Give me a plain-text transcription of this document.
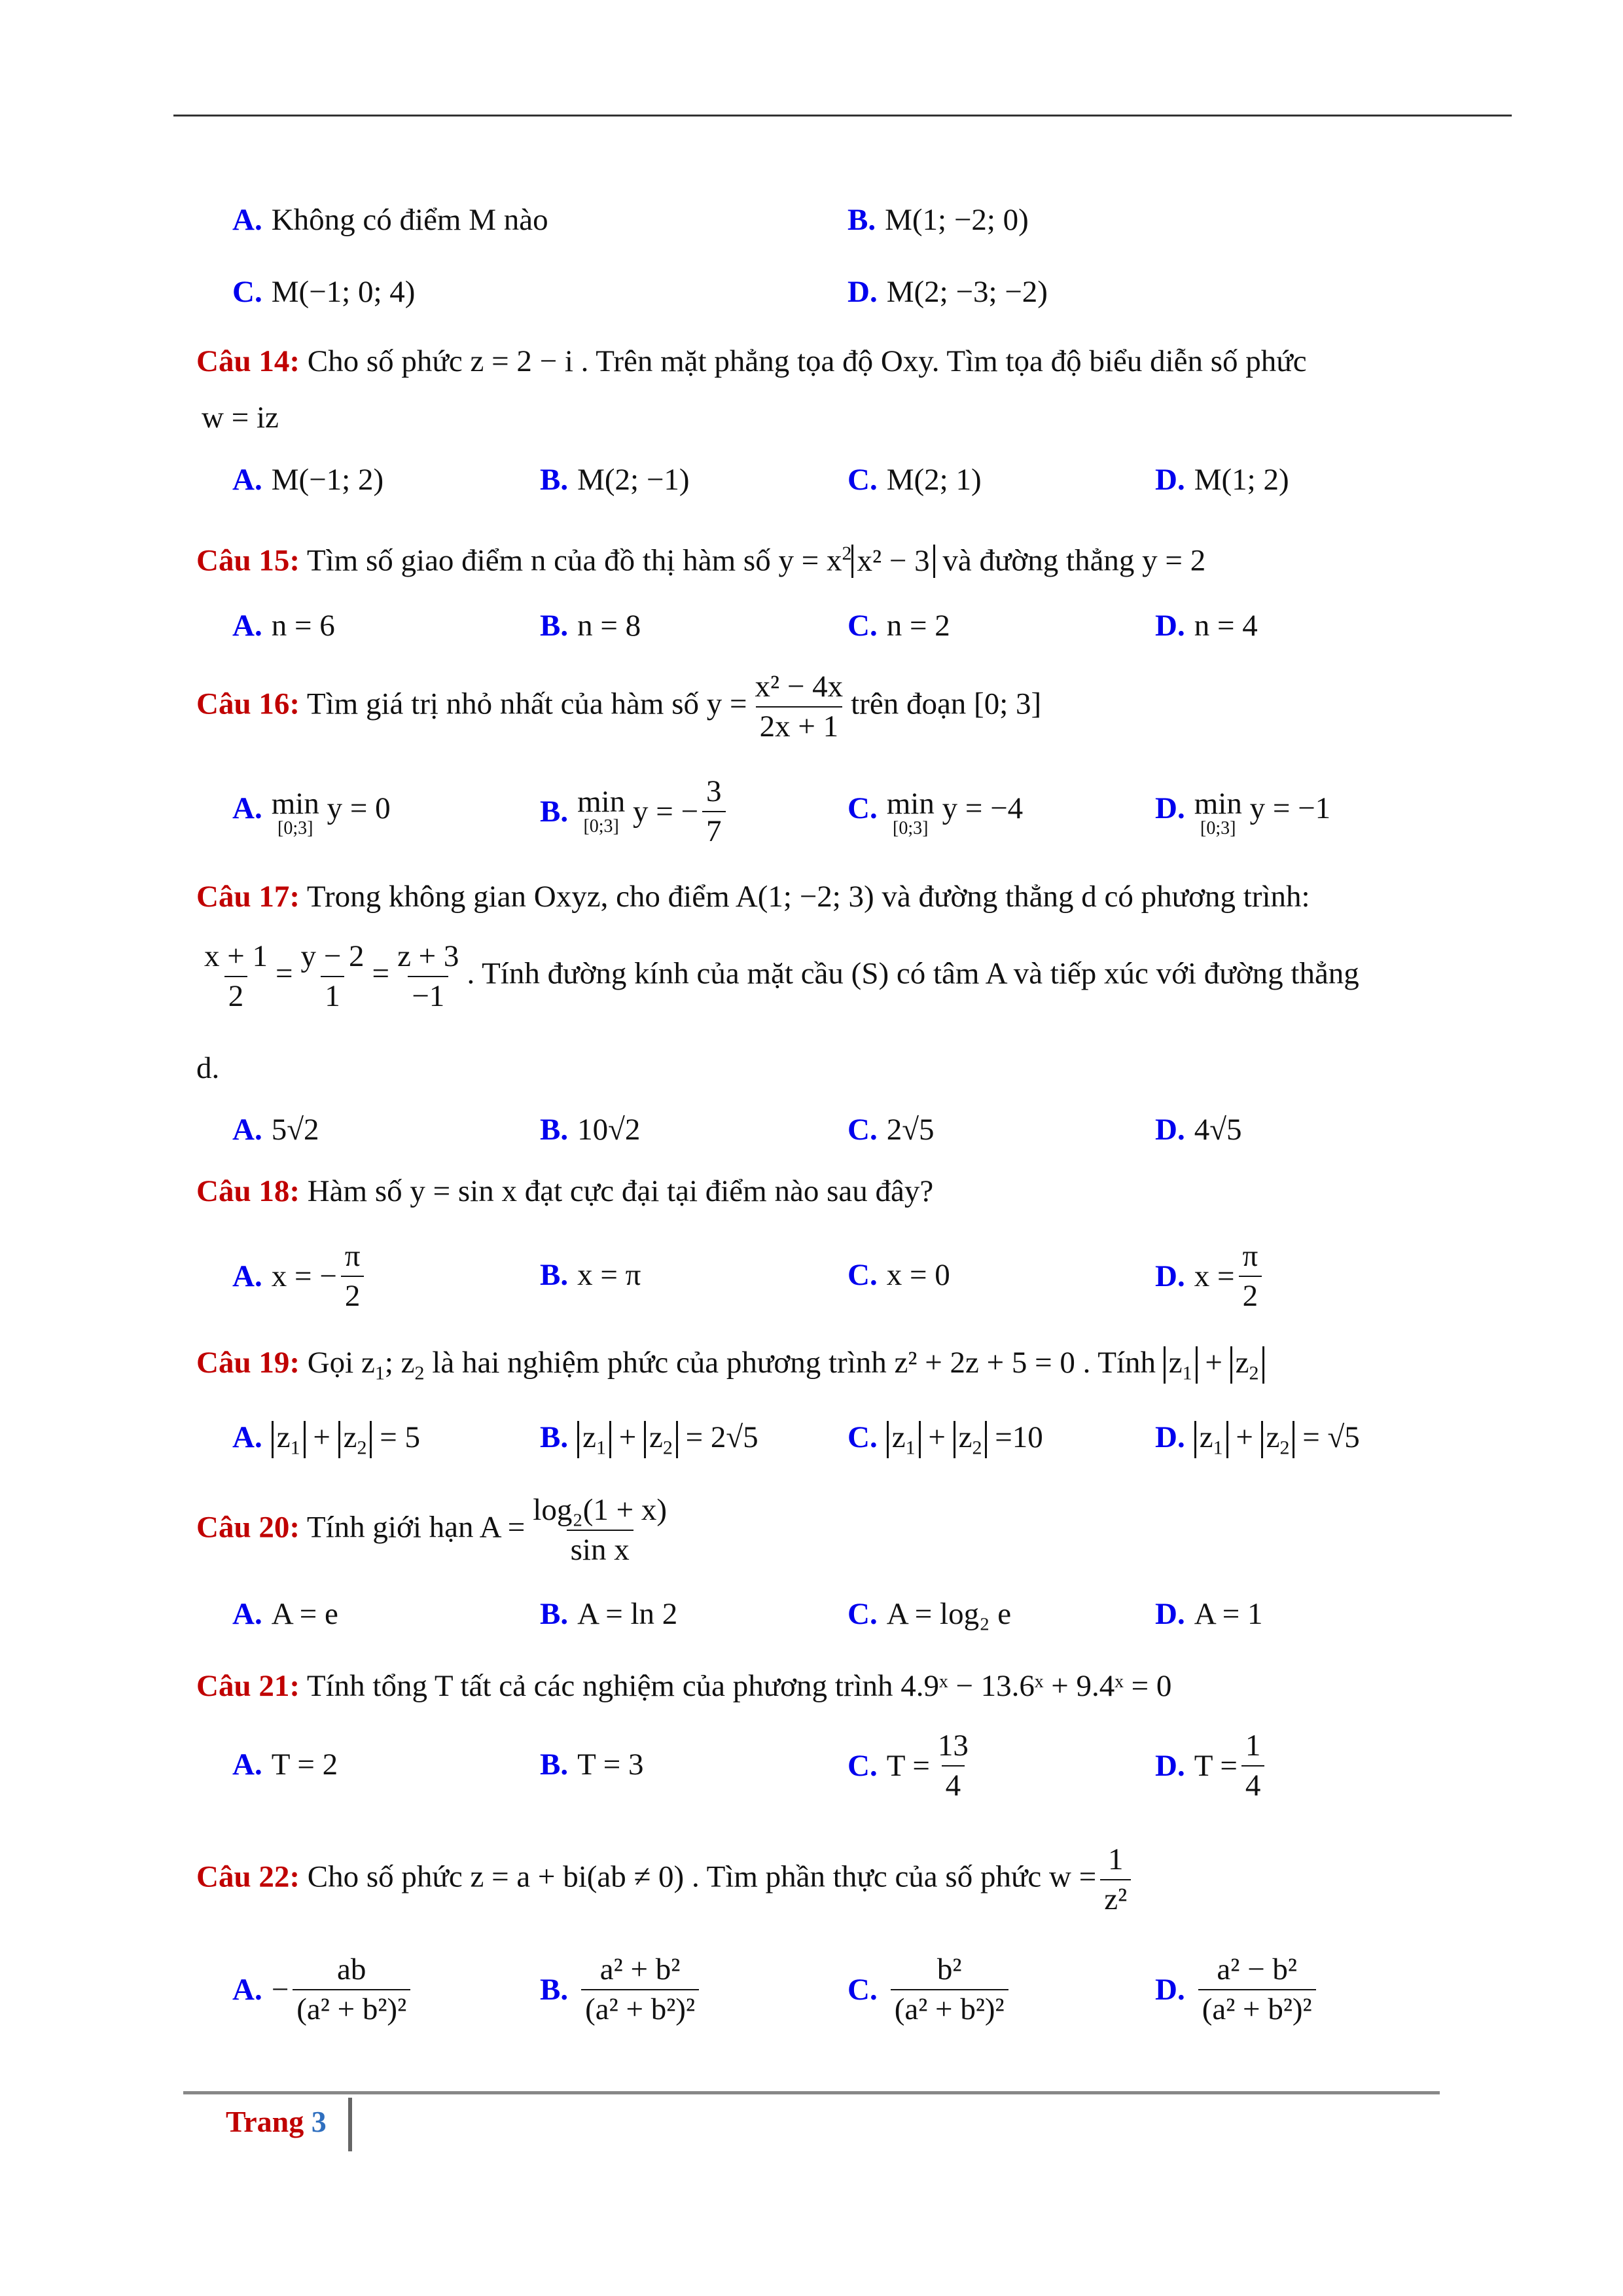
A. Không có điểm M nào	B. M(1; −2; 0)
C. M(−1; 0; 4)	D. M(2; −3; −2)
Câu 14: Cho số phức z = 2 − i . Trên mặt phẳng tọa độ Oxy. Tìm tọa độ biểu diễn số phức
w = iz
A. M(−1; 2)	B. M(2; −1)	C. M(2; 1)	D. M(1; 2)
Câu 15: Tìm số giao điểm n của đồ thị hàm số $y = x^2$ x² − 3 và đường thẳng y = 2
A. n = 6	B. n = 8	C. n = 2	D. n = 4
Câu 16: Tìm giá trị nhỏ nhất của hàm số $y = \frac{\text{x² − 4x}}{2x + 1}$ trên đoạn [0; 3]
A. min
[0;3]
y = 0	B. min
[0;3] y = − $\frac{3}{7}$	C. min
[0;3]
y = −4	D. min
[0;3]
y = −1
Câu 17: Trong không gian Oxyz, cho điểm A(1; −2; 3) và đường thẳng d có phương trình:
$\frac{x + 1}{2} = \frac{y - 2}{1} = \frac{z + 3}{-1}$ . Tính đường kính của mặt cầu (S) có tâm A và tiếp xúc với đường thẳng
d.
A. 5√2	B. 10√2	C. 2√5	D. 4√5
Câu 18: Hàm số y = sin x đạt cực đại tại điểm nào sau đây?
A. x = − $\frac{\pi}{2}$	B. x = π	C. x = 0	D. $x = \frac{\pi}{2}$
Câu 19: Gọi $z_1$; $z_2$ là hai nghiệm phức của phương trình z² + 2z + 5 = 0 . Tính $z_1 + z_2$
A. $z_1 + z_2 = 5$	B. $z_1 + z_2 = 2√5$	C. $z_1 + z_2 =10$	D. $z_1 + z_2 = √5$
Câu 20: Tính giới hạn $A = \frac{\text{log₂(1 + x)}}{\text{sin x}}$
A. A = e	B. A = ln 2	C. A = log₂ e	D. A = 1
Câu 21: Tính tổng T tất cả các nghiệm của phương trình 4.9ˣ − 13.6ˣ + 9.4ˣ = 0
A. T = 2	B. T = 3	C. $T = \frac{13}{4}$	D. $T = \frac{1}{4}$
Câu 22: Cho số phức z = a + bi(ab ≠ 0) . Tìm phần thực của số phức $w = \frac{1}{\text{z²}}$
A. − $\frac{ab}{\text{(a² + b²)²}}$	B. $\frac{\text{a² + b²}}{\text{(a² + b²)²}}$	C. $\frac{\text{b²}}{\text{(a² + b²)²}}$	D. $\frac{\text{a² − b²}}{\text{(a² + b²)²}}$
Trang 3
